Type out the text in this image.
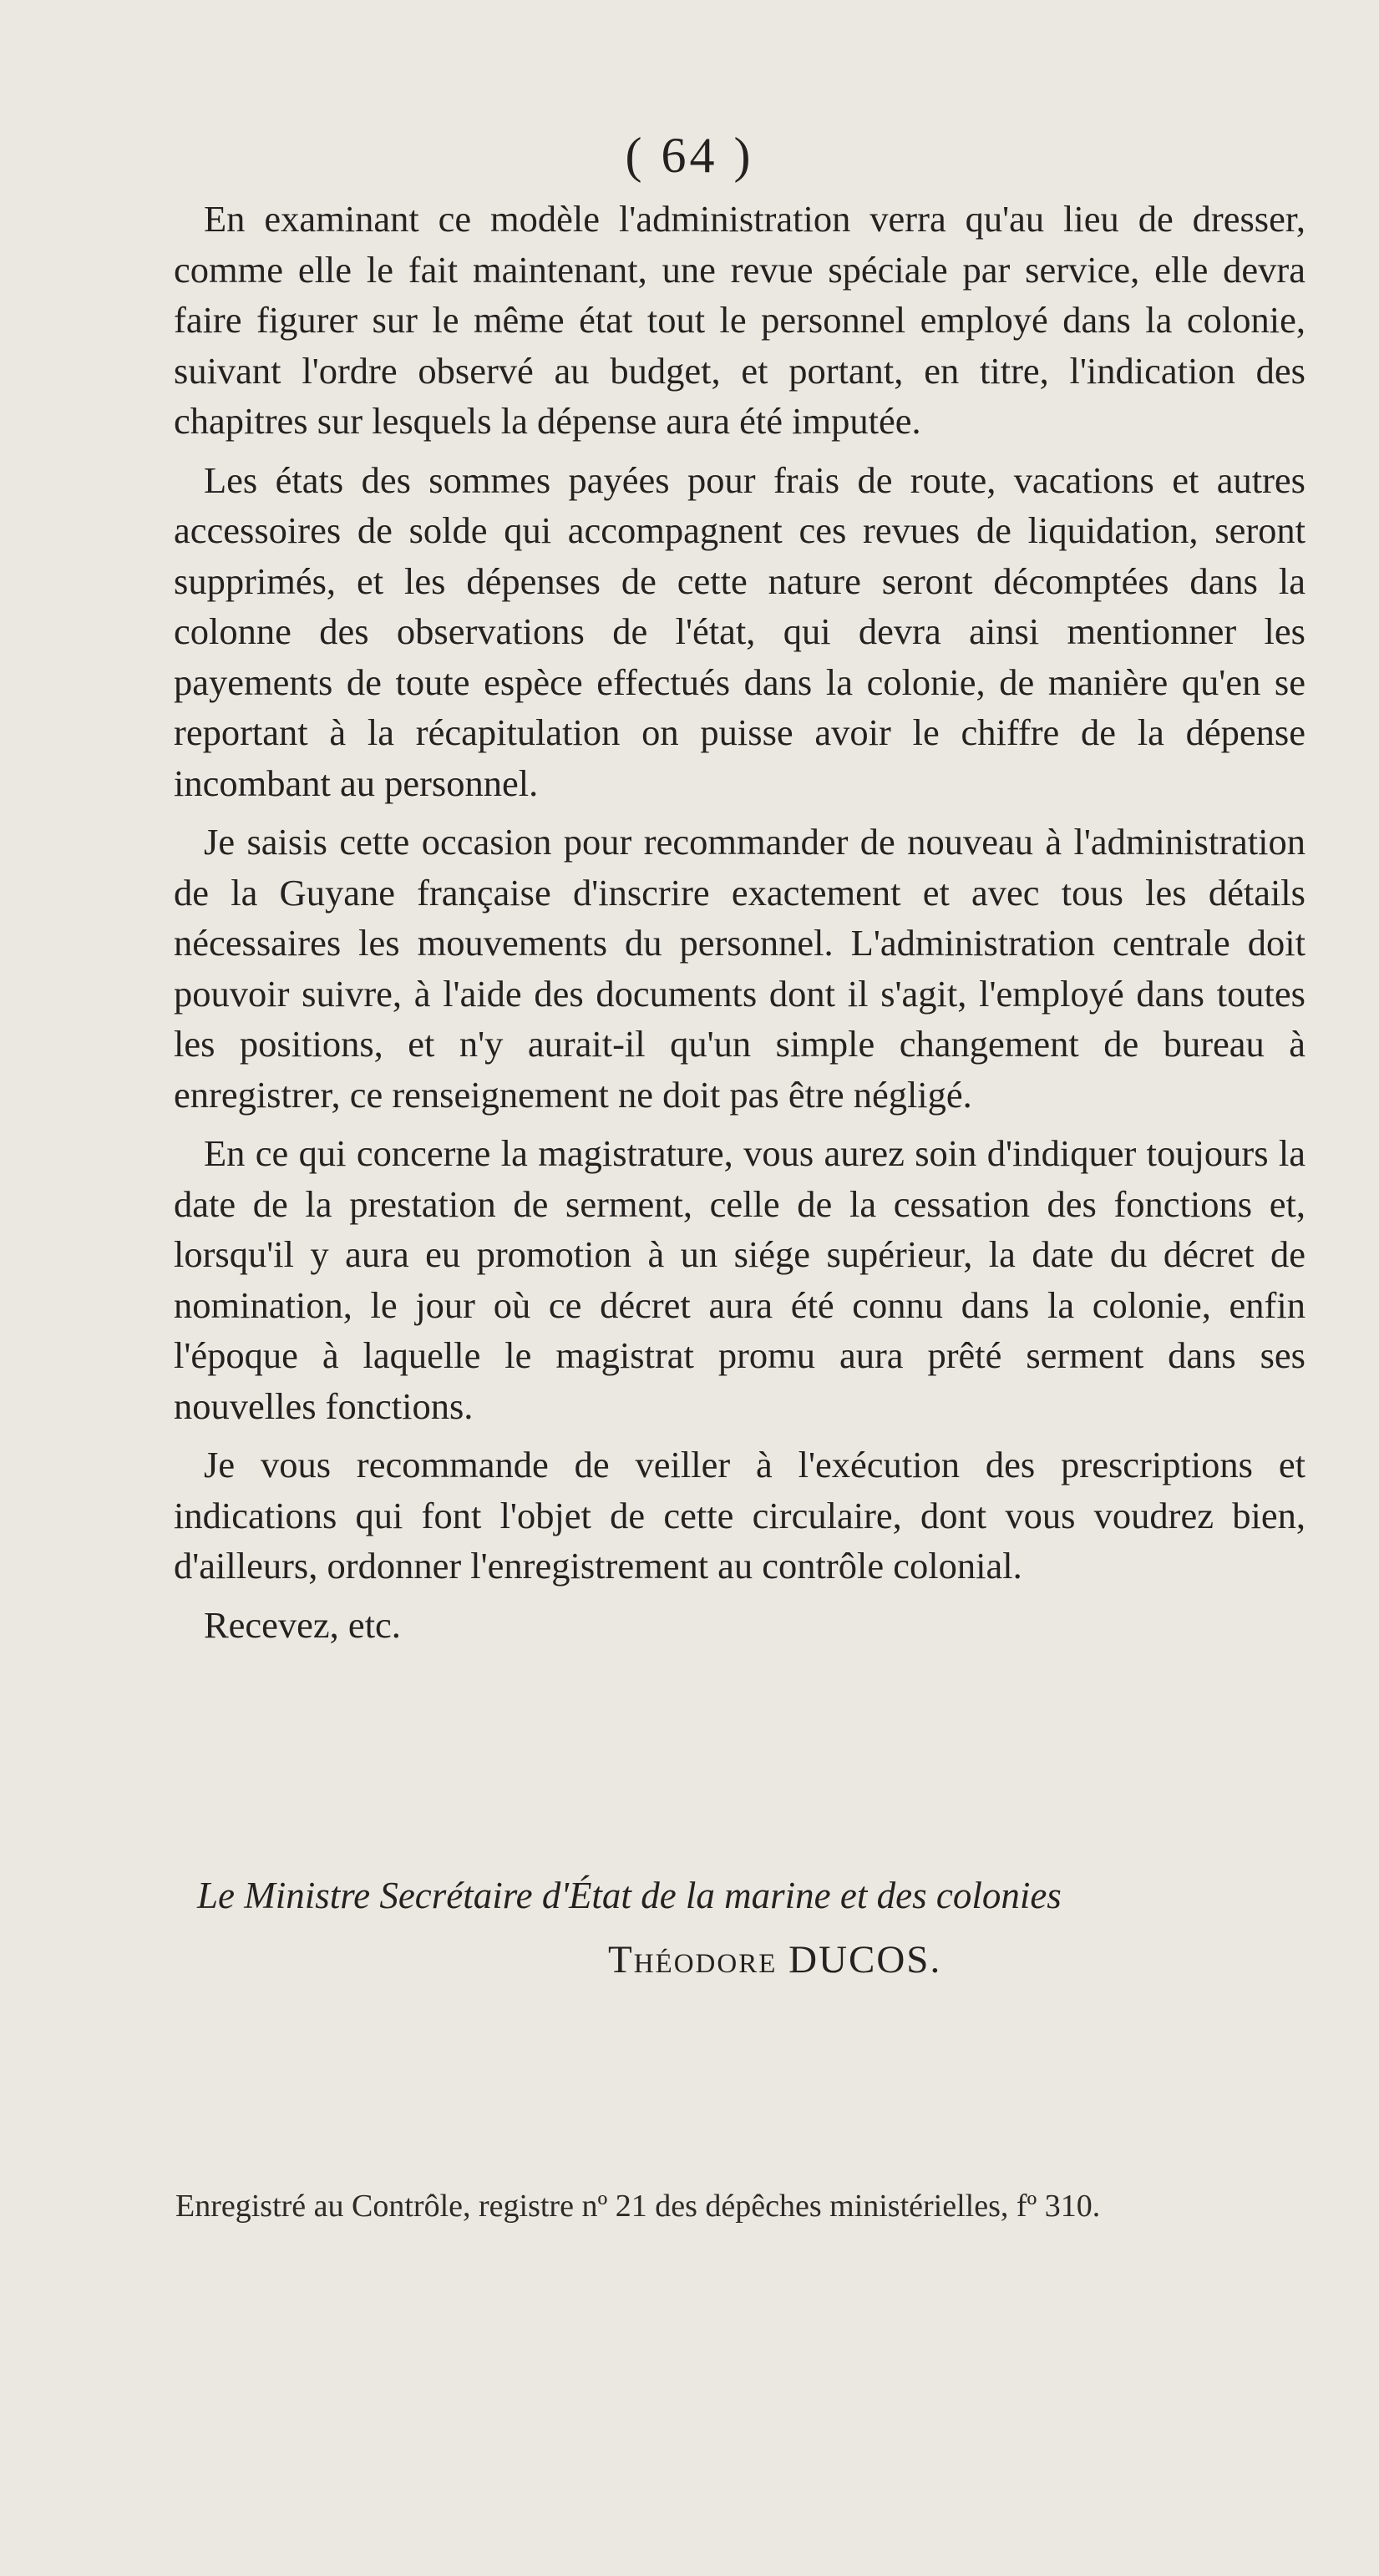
( 64 )

En examinant ce modèle l'administration verra qu'au lieu de dresser, comme elle le fait maintenant, une revue spéciale par service, elle devra faire figurer sur le même état tout le personnel employé dans la colonie, suivant l'ordre observé au budget, et portant, en titre, l'indication des chapitres sur lesquels la dépense aura été imputée.

Les états des sommes payées pour frais de route, vacations et autres accessoires de solde qui accompagnent ces revues de liquidation, seront supprimés, et les dépenses de cette nature seront décomptées dans la colonne des observations de l'état, qui devra ainsi mentionner les payements de toute espèce effectués dans la colonie, de manière qu'en se reportant à la récapitulation on puisse avoir le chiffre de la dépense incombant au personnel.

Je saisis cette occasion pour recommander de nouveau à l'administration de la Guyane française d'inscrire exactement et avec tous les détails nécessaires les mouvements du personnel. L'administration centrale doit pouvoir suivre, à l'aide des documents dont il s'agit, l'employé dans toutes les positions, et n'y aurait-il qu'un simple changement de bureau à enregistrer, ce renseignement ne doit pas être négligé.

En ce qui concerne la magistrature, vous aurez soin d'indiquer toujours la date de la prestation de serment, celle de la cessation des fonctions et, lorsqu'il y aura eu promotion à un siége supérieur, la date du décret de nomination, le jour où ce décret aura été connu dans la colonie, enfin l'époque à laquelle le magistrat promu aura prêté serment dans ses nouvelles fonctions.

Je vous recommande de veiller à l'exécution des prescriptions et indications qui font l'objet de cette circulaire, dont vous voudrez bien, d'ailleurs, ordonner l'enregistrement au contrôle colonial.

Recevez, etc.

Le Ministre Secrétaire d'État de la marine et des colonies

Théodore DUCOS.

Enregistré au Contrôle, registre nº 21 des dépêches ministérielles, fº 310.
